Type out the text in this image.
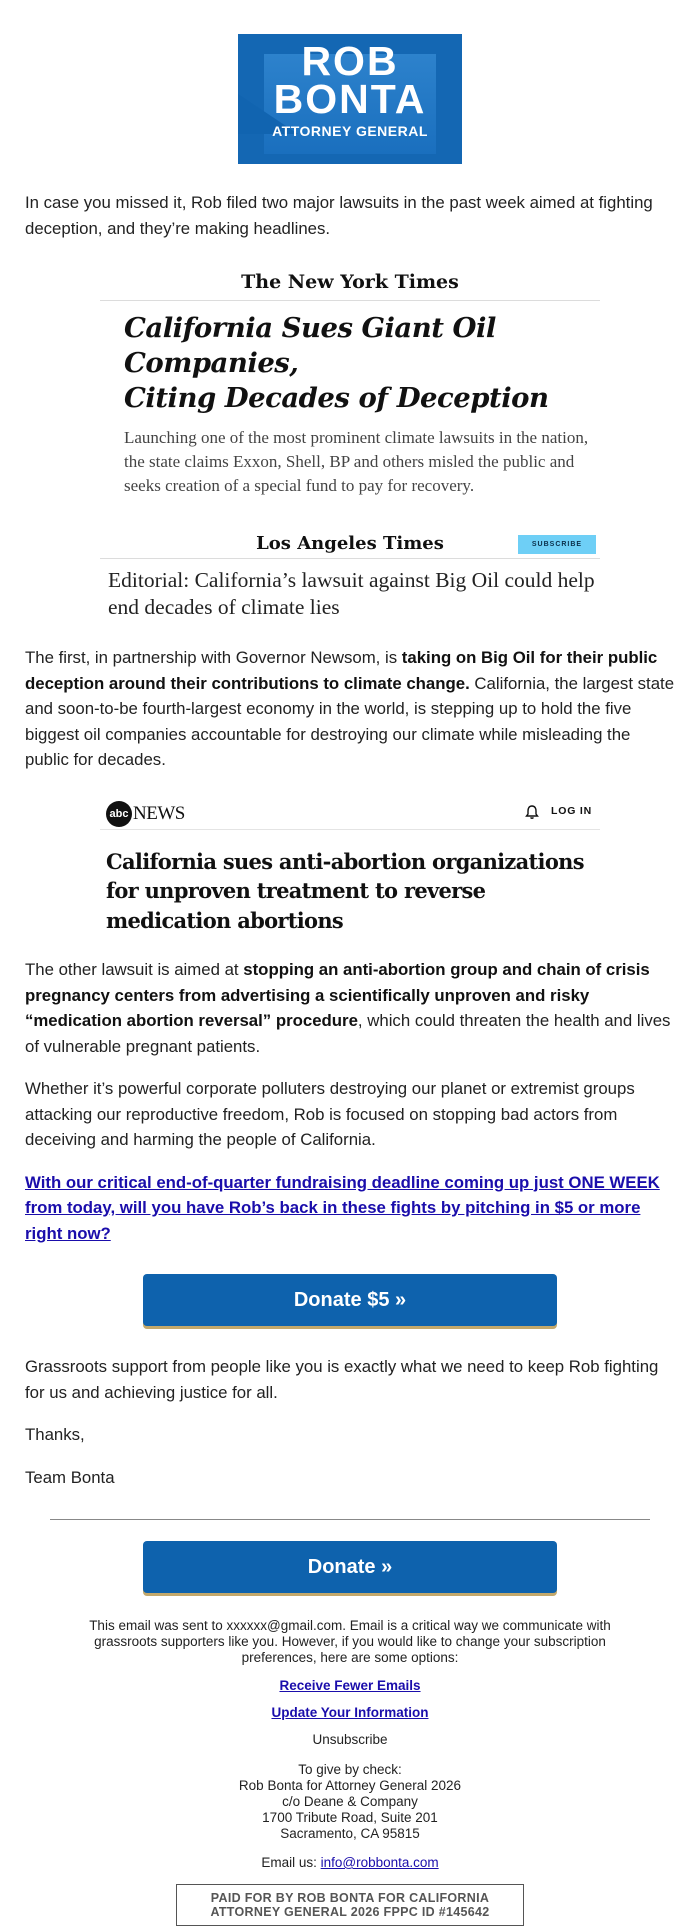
ROB
BONTA
ATTORNEY GENERAL

In case you missed it, Rob filed two major lawsuits in the past week aimed at fighting deception, and they’re making headlines.

The New York Times
California Sues Giant Oil Companies,
Citing Decades of Deception
Launching one of the most prominent climate lawsuits in the nation, the state claims Exxon, Shell, BP and others misled the public and seeks creation of a special fund to pay for recovery.
Los Angeles Times	SUBSCRIBE
Editorial: California’s lawsuit against Big Oil could help end decades of climate lies

The first, in partnership with Governor Newsom, is taking on Big Oil for their public deception around their contributions to climate change. California, the largest state and soon-to-be fourth-largest economy in the world, is stepping up to hold the five biggest oil companies accountable for destroying our climate while misleading the public for decades.

abc NEWS	LOG IN
California sues anti-abortion organizations
for unproven treatment to reverse
medication abortions

The other lawsuit is aimed at stopping an anti-abortion group and chain of crisis pregnancy centers from advertising a scientifically unproven and risky “medication abortion reversal” procedure, which could threaten the health and lives of vulnerable pregnant patients.

Whether it’s powerful corporate polluters destroying our planet or extremist groups attacking our reproductive freedom, Rob is focused on stopping bad actors from deceiving and harming the people of California.

With our critical end-of-quarter fundraising deadline coming up just ONE WEEK from today, will you have Rob’s back in these fights by pitching in $5 or more right now?
Donate $5 »

Grassroots support from people like you is exactly what we need to keep Rob fighting for us and achieving justice for all.

Thanks,

Team Bonta

Donate »
This email was sent to xxxxxx@gmail.com. Email is a critical way we communicate with grassroots supporters like you. However, if you would like to change your subscription preferences, here are some options:
Receive Fewer Emails
Update Your Information
Unsubscribe
To give by check:
Rob Bonta for Attorney General 2026
c/o Deane & Company
1700 Tribute Road, Suite 201
Sacramento, CA 95815
Email us: info@robbonta.com
PAID FOR BY ROB BONTA FOR CALIFORNIA
ATTORNEY GENERAL 2026 FPPC ID #145642
